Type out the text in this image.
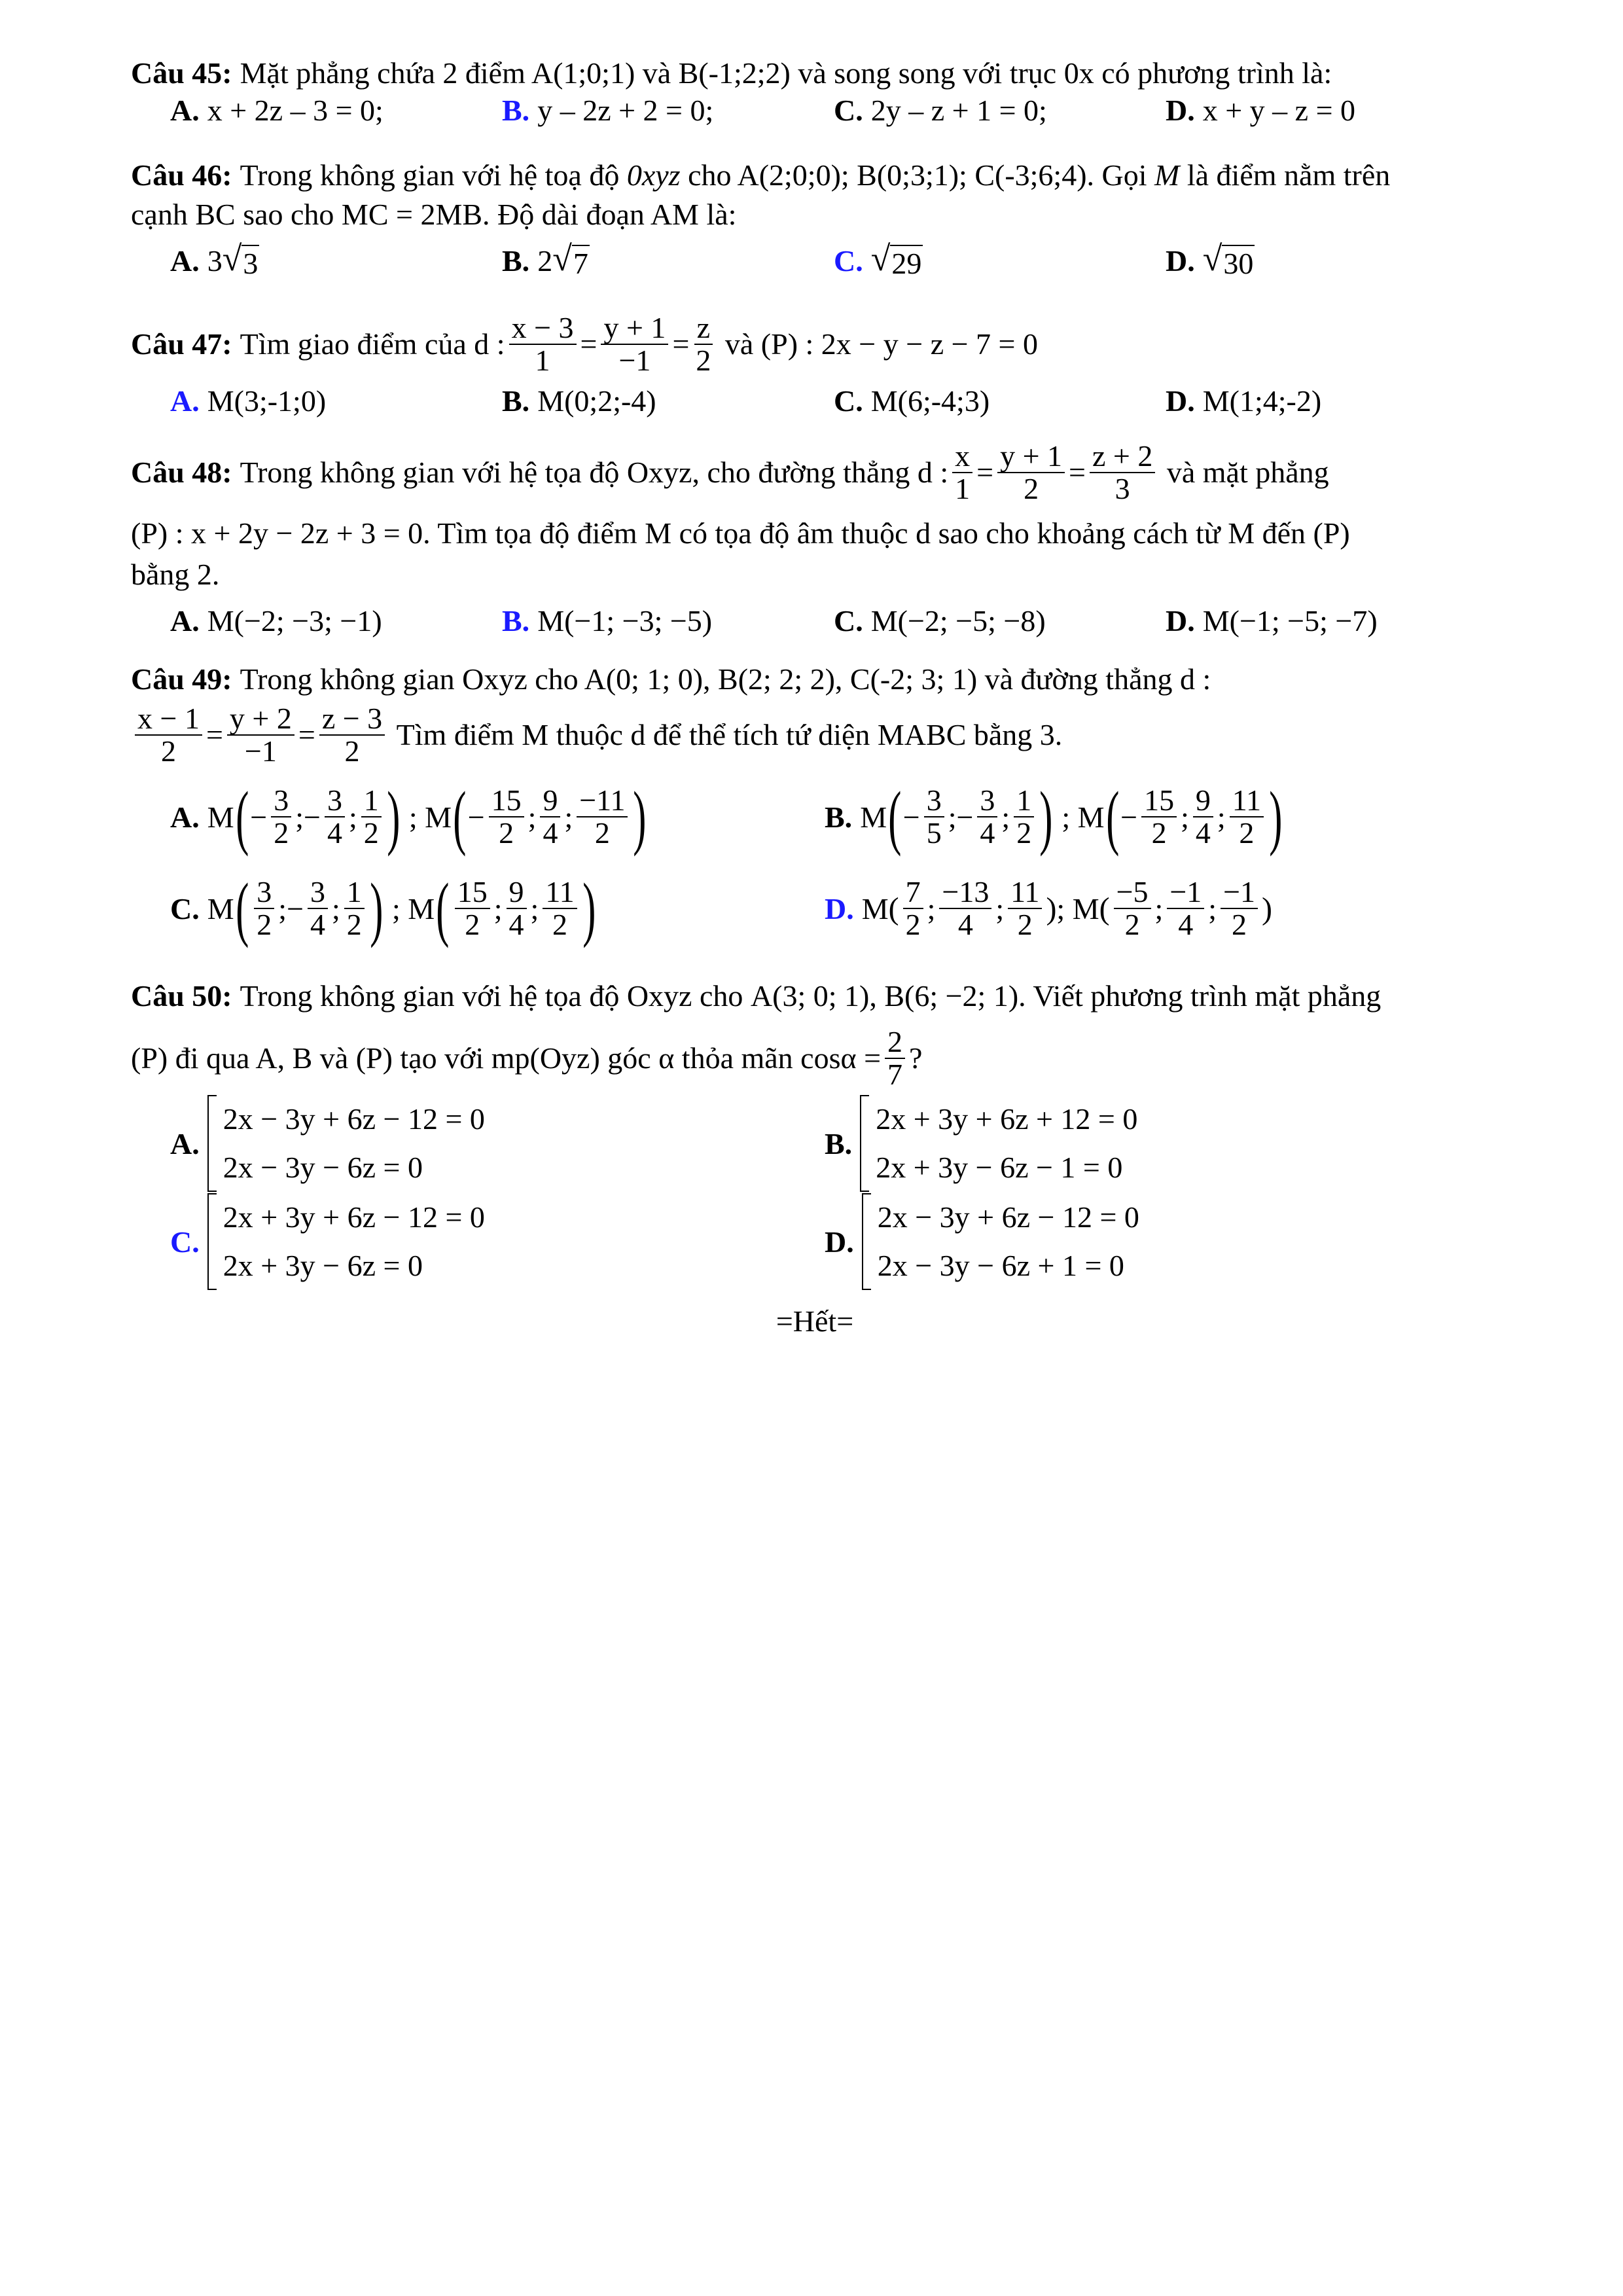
Câu 45: Mặt phẳng chứa 2 điểm A(1;0;1) và B(-1;2;2) và song song với trục 0x có phương trình là:
A. x + 2z – 3 = 0;	B. y – 2z + 2 = 0;	C. 2y – z + 1 = 0;	D. x + y – z = 0
Câu 46: Trong không gian với hệ toạ độ
0xyz
cho A(2;0;0); B(0;3;1); C(-3;6;4). Gọi
M
là điểm nằm trên
cạnh BC sao cho MC = 2MB. Độ dài đoạn AM là:
A. 3 √ 3	B. 2 √ 7	C. √ 29	D. √ 30
Câu 47: Tìm giao điểm của d : $\frac{x - 3}{1} = \frac{y + 1}{-1} = \frac{z}{2}$
và (P) : 2x − y − z − 7 = 0
A. M(3;-1;0)	B. M(0;2;-4)	C. M(6;-4;3)	D. M(1;4;-2)
Câu 48: Trong không gian với hệ tọa độ Oxyz, cho đường thẳng d : $\frac{x}{1} = \frac{y + 1}{2} = \frac{z + 2}{3}$
và mặt phẳng
(P) : x + 2y − 2z + 3 = 0. Tìm tọa độ điểm M có tọa độ âm thuộc d sao cho khoảng cách từ M đến (P)
bằng 2.
A. M(−2; −3; −1)	B. M(−1; −3; −5)	C. M(−2; −5; −8)	D. M(−1; −5; −7)
Câu 49: Trong không gian Oxyz cho A(0; 1; 0), B(2; 2; 2), C(-2; 3; 1) và đường thẳng d :
$\frac{x - 1}{2} = \frac{y + 2}{-1} = \frac{z - 3}{2}$
Tìm điểm M thuộc d để thể tích tứ diện MABC bằng 3.
A. M ( − $\frac{3}{2}$ ; − $\frac{3}{4}$ ; $\frac{1}{2}$ ) ; M ( − $\frac{15}{2}$ ; $\frac{9}{4}$ ; $\frac{-11}{2}$ )	B. M ( − $\frac{3}{5}$ ; − $\frac{3}{4}$ ; $\frac{1}{2}$ ) ; M ( − $\frac{15}{2}$ ; $\frac{9}{4}$ ; $\frac{11}{2}$ )
C. M ( $\frac{3}{2}$ ; − $\frac{3}{4}$ ; $\frac{1}{2}$ ) ; M ( $\frac{15}{2}$ ; $\frac{9}{4}$ ; $\frac{11}{2}$ )	D. M ( $\frac{7}{2}$ ; $\frac{-13}{4}$ ; $\frac{11}{2}$ ) ; M ( $\frac{-5}{2}$ ; $\frac{-1}{4}$ ; $\frac{-1}{2}$ )
Câu 50: Trong không gian với hệ tọa độ Oxyz cho
A(3; 0; 1), B(6; −2; 1) . Viết phương trình mặt phẳng
(P) đi qua A, B và (P) tạo với mp(Oyz) góc α thỏa mãn $\cos\alpha = \frac{2}{7}$ ?
A.
2x − 3y + 6z − 12 = 0
2x − 3y − 6z = 0
B.
2x + 3y + 6z + 12 = 0
2x + 3y − 6z − 1 = 0
C.
2x + 3y + 6z − 12 = 0
2x + 3y − 6z = 0
D.
2x − 3y + 6z − 12 = 0
2x − 3y − 6z + 1 = 0
=Hết=
